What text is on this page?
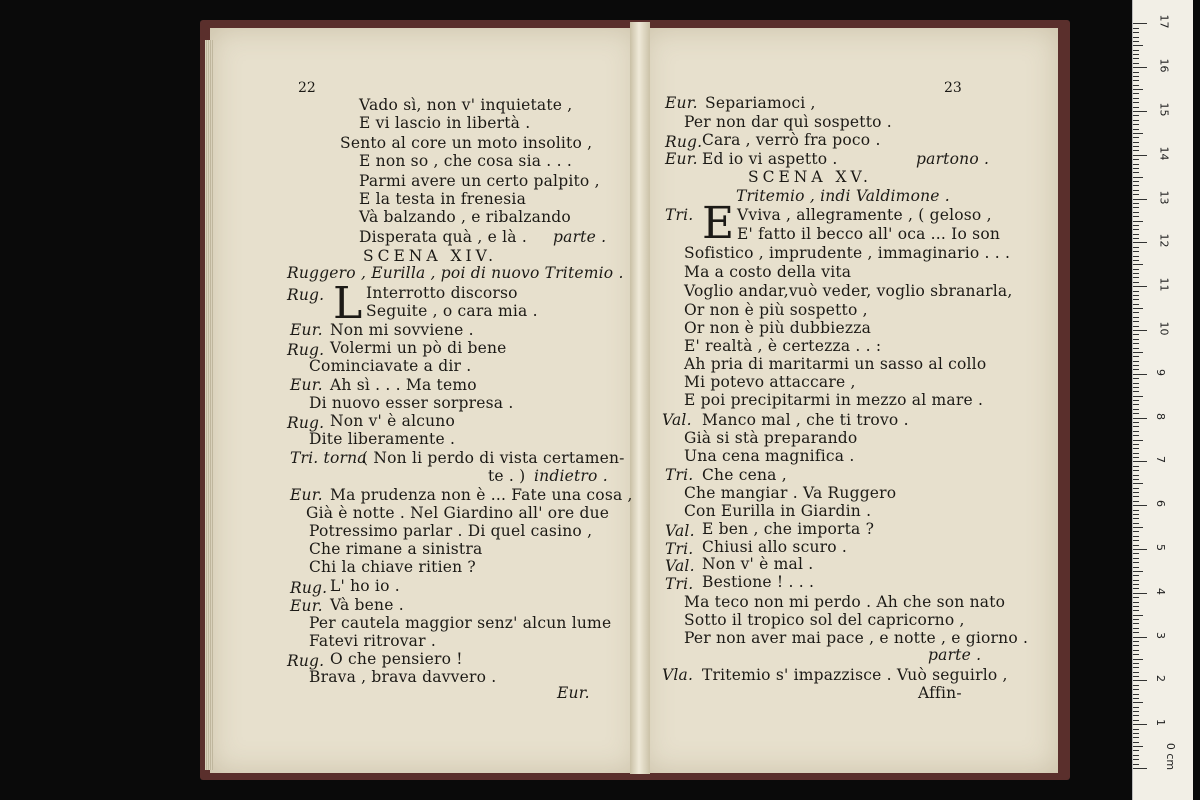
22
Vado sì, non v' inquietate ,
E vi lascio in libertà .
Sento al core un moto insolito ,
E non so , che cosa sia . . .
Parmi avere un certo palpito ,
E la testa in frenesia
Và balzando , e ribalzando
Disperata quà , e là . parte .
SCENA XIV.
Ruggero , Eurilla , poi di nuovo Tritemio .
Rug. L Interrotto discorso
Seguite , o cara mia .
Eur. Non mi sovviene .
Rug. Volermi un pò di bene
Cominciavate a dir .
Eur. Ah sì . . . Ma temo
Di nuovo esser sorpresa .
Rug. Non v' è alcuno
Dite liberamente .
Tri. torna
( Non li perdo di vista certamen-
te . ) indietro .
Eur. Ma prudenza non è ... Fate una cosa ,
Già è notte . Nel Giardino all' ore due
Potressimo parlar . Di quel casino ,
Che rimane a sinistra
Chi la chiave ritien ?
Rug. L' ho io .
Eur. Và bene .
Per cautela maggior senz' alcun lume
Fatevi ritrovar .
Rug. O che pensiero !
Brava , brava davvero .
Eur.
23
Eur. Separiamoci ,
Per non dar quì sospetto .
Rug. Cara , verrò fra poco .
Eur. Ed io vi aspetto .	partono .
SCENA XV.
Tritemio , indi Valdimone .
Tri. E Vviva , allegramente , ( geloso ,
E' fatto il becco all' oca ... Io son
Sofistico , imprudente , immaginario . . .
Ma a costo della vita
Voglio andar,vuò veder, voglio sbranarla,
Or non è più sospetto ,
Or non è più dubbiezza
E' realtà , è certezza . . :
Ah pria di maritarmi un sasso al collo
Mi potevo attaccare ,
E poi precipitarmi in mezzo al mare .
Val. Manco mal , che ti trovo .
Già si stà preparando
Una cena magnifica .
Tri. Che cena ,
Che mangiar . Va Ruggero
Con Eurilla in Giardin .
Val. E ben , che importa ?
Tri. Chiusi allo scuro .
Val. Non v' è mal .
Tri. Bestione ! . . .
Ma teco non mi perdo . Ah che son nato
Sotto il tropico sol del capricorno ,
Per non aver mai pace , e notte , e giorno .
parte .
Vla. Tritemio s' impazzisce . Vuò seguirlo ,
Affin-
0 cm
1
2
3
4
5
6
7
8
9
10
11
12
13
14
15
16
17
